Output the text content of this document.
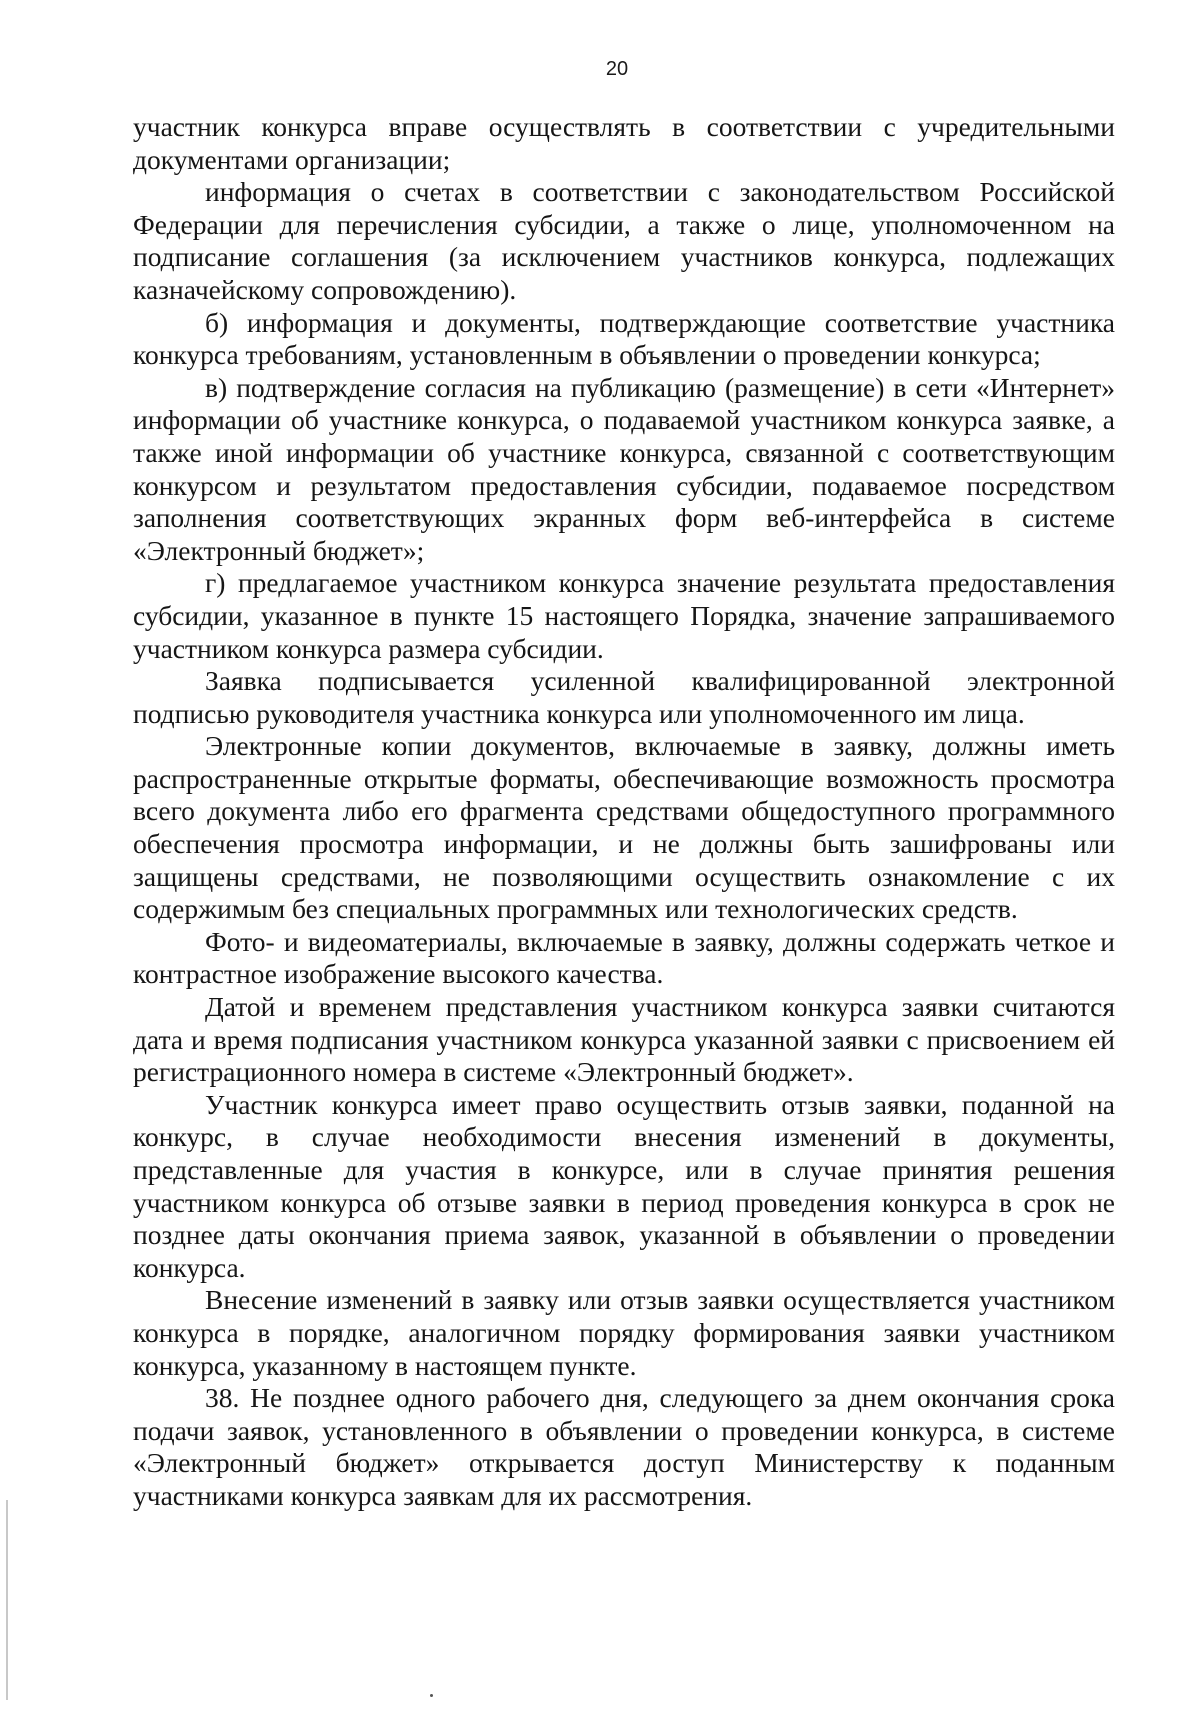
20

участник конкурса вправе осуществлять в соответствии с учредительными документами организации;

информация о счетах в соответствии с законодательством Российской Федерации для перечисления субсидии, а также о лице, уполномоченном на подписание соглашения (за исключением участников конкурса, подлежащих казначейскому сопровождению).

б) информация и документы, подтверждающие соответствие участника конкурса требованиям, установленным в объявлении о проведении конкурса;

в) подтверждение согласия на публикацию (размещение) в сети «Интернет» информации об участнике конкурса, о подаваемой участником конкурса заявке, а также иной информации об участнике конкурса, связанной с соответствующим конкурсом и результатом предоставления субсидии, подаваемое посредством заполнения соответствующих экранных форм веб-интерфейса в системе «Электронный бюджет»;

г) предлагаемое участником конкурса значение результата предоставления субсидии, указанное в пункте 15 настоящего Порядка, значение запрашиваемого участником конкурса размера субсидии.

Заявка подписывается усиленной квалифицированной электронной подписью руководителя участника конкурса или уполномоченного им лица.

Электронные копии документов, включаемые в заявку, должны иметь распространенные открытые форматы, обеспечивающие возможность просмотра всего документа либо его фрагмента средствами общедоступного программного обеспечения просмотра информации, и не должны быть зашифрованы или защищены средствами, не позволяющими осуществить ознакомление с их содержимым без специальных программных или технологических средств.

Фото- и видеоматериалы, включаемые в заявку, должны содержать четкое и контрастное изображение высокого качества.

Датой и временем представления участником конкурса заявки считаются дата и время подписания участником конкурса указанной заявки с присвоением ей регистрационного номера в системе «Электронный бюджет».

Участник конкурса имеет право осуществить отзыв заявки, поданной на конкурс, в случае необходимости внесения изменений в документы, представленные для участия в конкурсе, или в случае принятия решения участником конкурса об отзыве заявки в период проведения конкурса в срок не позднее даты окончания приема заявок, указанной в объявлении о проведении конкурса.

Внесение изменений в заявку или отзыв заявки осуществляется участником конкурса в порядке, аналогичном порядку формирования заявки участником конкурса, указанному в настоящем пункте.

38. Не позднее одного рабочего дня, следующего за днем окончания срока подачи заявок, установленного в объявлении о проведении конкурса, в системе «Электронный бюджет» открывается доступ Министерству к поданным участниками конкурса заявкам для их рассмотрения.
